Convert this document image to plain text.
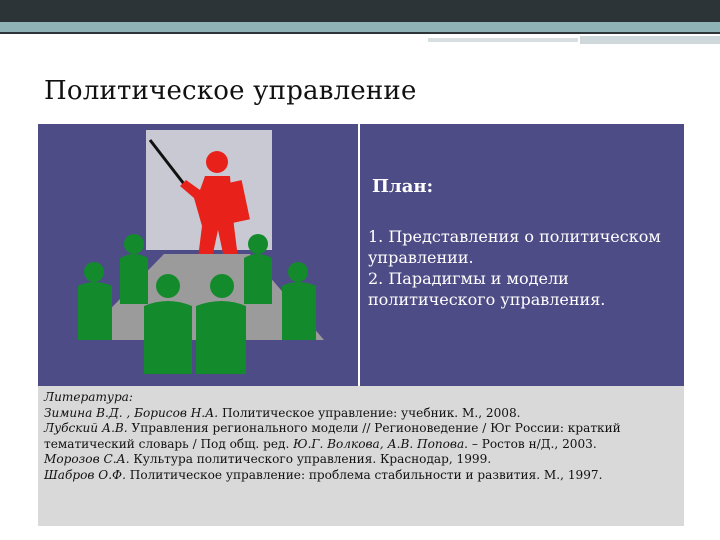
Политическое управление
План:
1. Представления о политическом управлении.
2. Парадигмы и модели политического управления.

Литература:

Зимина В.Д. , Борисов Н.А. Политическое управление: учебник. М., 2008.

Лубский А.В. Управления регионального модели // Регионоведение / Юг России: краткий тематический словарь / Под общ. ред. Ю.Г. Волкова, А.В. Попова. – Ростов н/Д., 2003.

Морозов С.А. Культура политического управления. Краснодар, 1999.

Шабров О.Ф. Политическое управление: проблема стабильности и развития. М., 1997.
